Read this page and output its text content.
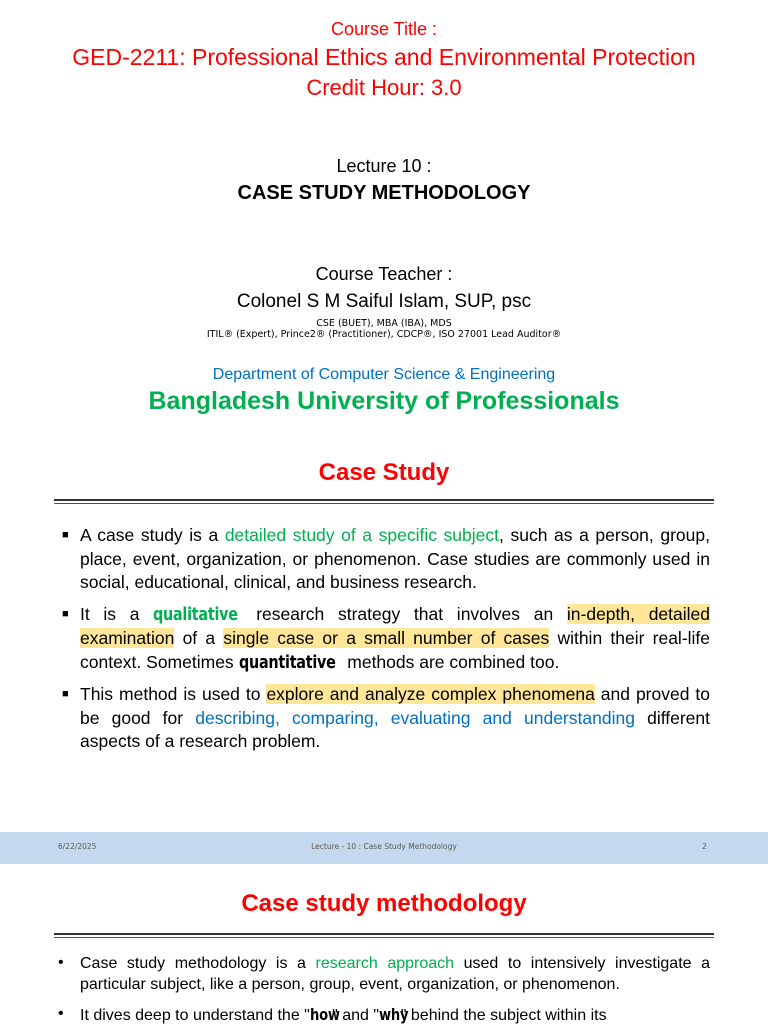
Course Title :
GED-2211: Professional Ethics and Environmental Protection
Credit Hour: 3.0
Lecture 10 :
CASE STUDY METHODOLOGY
Course Teacher :
Colonel S M Saiful Islam, SUP, psc
CSE (BUET), MBA (IBA), MDS
ITIL® (Expert), Prince2® (Practitioner), CDCP®, ISO 27001 Lead Auditor®
Department of Computer Science & Engineering
Bangladesh University of Professionals
Case Study
■ A case study is a detailed study of a specific subject, such as a person, group, place, event, organization, or phenomenon. Case studies are commonly used in social, educational, clinical, and business research.
■ It is a qualitative research strategy that involves an in-depth, detailed examination of a single case or a small number of cases within their real-life context. Sometimes quantitative methods are combined too.
■ This method is used to explore and analyze complex phenomena and proved to be good for describing, comparing, evaluating and understanding different aspects of a research problem.
6/22/2025	Lecture - 10 : Case Study Methodology	2
Case study methodology
• Case study methodology is a research approach used to intensively investigate a particular subject, like a person, group, event, organization, or phenomenon.
• It dives deep to understand the "how" and "why" behind the subject within its
